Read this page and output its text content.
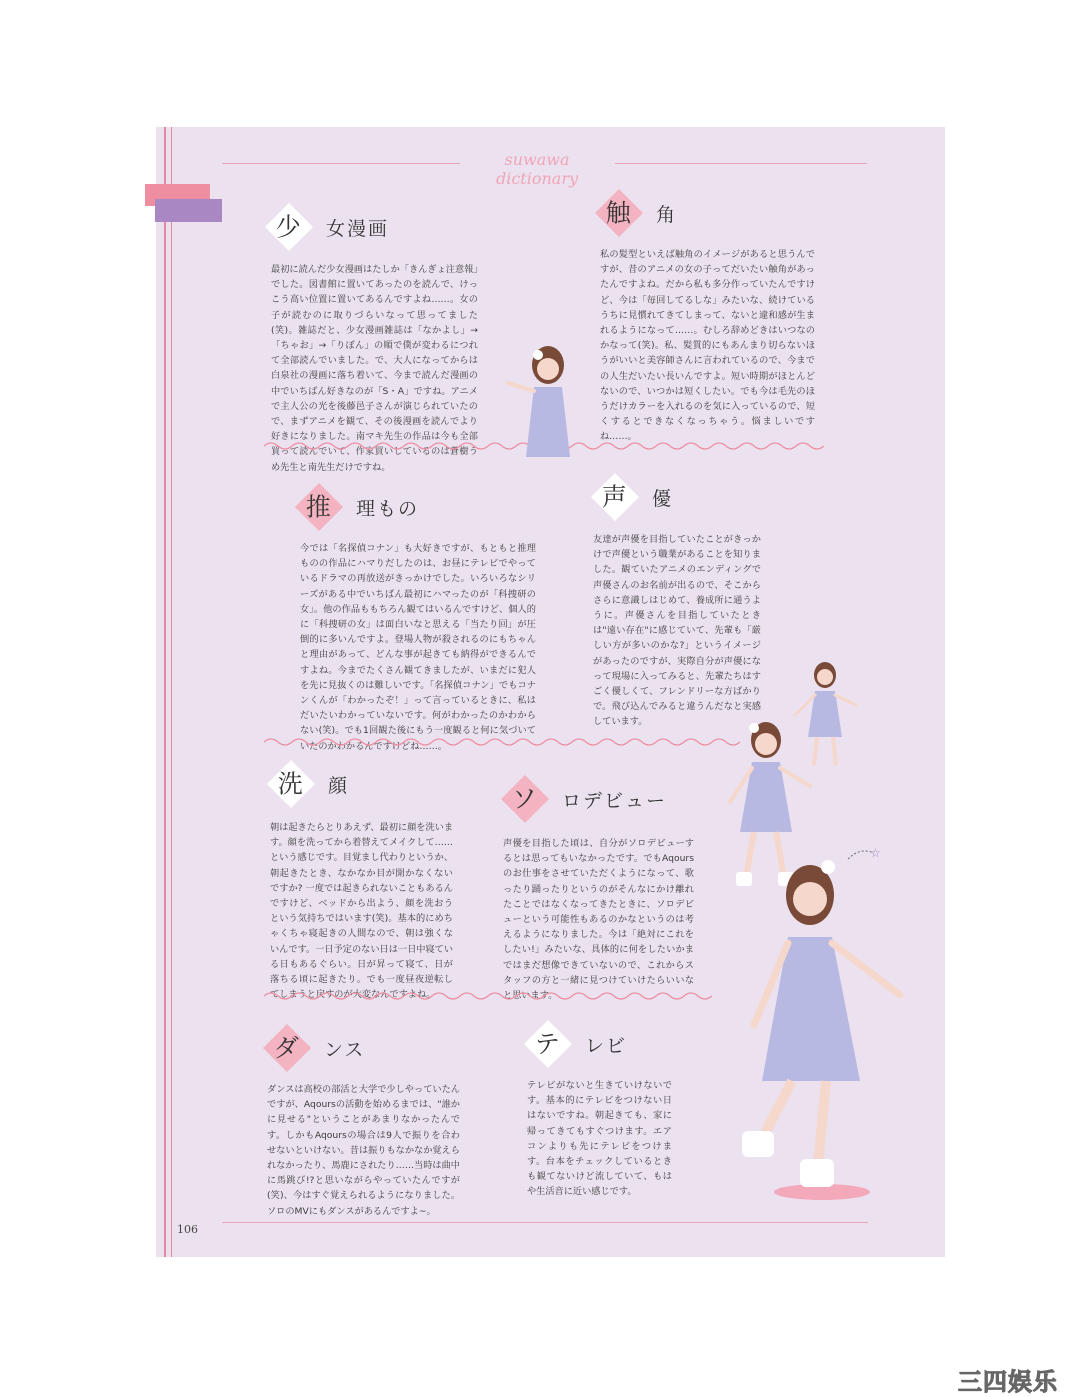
suwawa dictionary
少 女漫画
最初に読んだ少女漫画はたしか「きんぎょ注意報」でした。図書館に置いてあったのを読んで、けっこう高い位置に置いてあるんですよね……。女の子が読むのに取りづらいなって思ってました(笑)。雑誌だと、少女漫画雑誌は「なかよし」→「ちゃお」→「りぼん」の順で僕が変わるにつれて全部読んでいました。で、大人になってからは白泉社の漫画に落ち着いて、今まで読んだ漫画の中でいちばん好きなのが「S・A」ですね。アニメで主人公の光を後藤邑子さんが演じられていたので、まずアニメを観て、その後漫画を読んでより好きになりました。南マキ先生の作品は今も全部買って読んでいて、作家買いしているのは蒼樹うめ先生と南先生だけですね。
触 角
私の髪型といえば触角のイメージがあると思うんですが、昔のアニメの女の子ってだいたい触角があったんですよね。だから私も多分作っていたんですけど、今は「毎回してるしな」みたいな、続けているうちに見慣れてきてしまって、ないと違和感が生まれるようになって……。むしろ辞めどきはいつなのかなって(笑)。私、髪質的にもあんまり切らないほうがいいと美容師さんに言われているので、今までの人生だいたい長いんですよ。短い時期がほとんどないので、いつかは短くしたい。でも今は毛先のほうだけカラーを入れるのを気に入っているので、短くするとできなくなっちゃう。悩ましいですね……。
推 理もの
今では「名探偵コナン」も大好きですが、もともと推理ものの作品にハマりだしたのは、お昼にテレビでやっているドラマの再放送がきっかけでした。いろいろなシリーズがある中でいちばん最初にハマったのが「科捜研の女」。他の作品ももちろん観てはいるんですけど、個人的に「科捜研の女」は面白いなと思える「当たり回」が圧倒的に多いんですよ。登場人物が殺されるのにもちゃんと理由があって、どんな事が起きても納得ができるんですよね。今までたくさん観てきましたが、いまだに犯人を先に見抜くのは難しいです。「名探偵コナン」でもコナンくんが「わかったぞ！」って言っているときに、私はだいたいわかっていないです。何がわかったのかわからない(笑)。でも1回観た後にもう一度観ると何に気づいていたのかわかるんですけどね……。
声 優
友達が声優を目指していたことがきっかけで声優という職業があることを知りました。観ていたアニメのエンディングで声優さんのお名前が出るので、そこからさらに意識しはじめて、養成所に通うように。声優さんを目指していたときは"遠い存在"に感じていて、先輩も「厳しい方が多いのかな?」というイメージがあったのですが、実際自分が声優になって現場に入ってみると、先輩たちはすごく優しくて、フレンドリーな方ばかりで。飛び込んでみると違うんだなと実感しています。
洗 顔
朝は起きたらとりあえず、最初に顔を洗います。顔を洗ってから着替えてメイクして……という感じです。目覚まし代わりというか、朝起きたとき、なかなか目が開かなくないですか? 一度では起きられないこともあるんですけど、ベッドから出よう、顔を洗おうという気持ちではいます(笑)。基本的にめちゃくちゃ寝起きの人間なので、朝は強くないんです。一日予定のない日は一日中寝ている日もあるぐらい。日が昇って寝て、日が落ちる頃に起きたり。でも一度昼夜逆転してしまうと戻すのが大変なんですよね。
ソ ロデビュー
声優を目指した頃は、自分がソロデビューするとは思ってもいなかったです。でもAqoursのお仕事をさせていただくようになって、歌ったり踊ったりというのがそんなにかけ離れたことではなくなってきたときに、ソロデビューという可能性もあるのかなというのは考えるようになりました。今は「絶対にこれをしたい!」みたいな、具体的に何をしたいかまではまだ想像できていないので、これからスタッフの方と一緒に見つけていけたらいいなと思います。
ダ ンス
ダンスは高校の部活と大学で少しやっていたんですが、Aqoursの活動を始めるまでは、"誰かに見せる"ということがあまりなかったんです。しかもAqoursの場合は9人で振りを合わせないといけない。昔は振りもなかなか覚えられなかったり、馬鹿にされたり……当時は曲中に馬跳び!?と思いながらやっていたんですが(笑)、今はすぐ覚えられるようになりました。ソロのMVにもダンスがあるんですよ~。
テ レビ
テレビがないと生きていけないです。基本的にテレビをつけない日はないですね。朝起きても、家に帰ってきてもすぐつけます。エアコンよりも先にテレビをつけます。台本をチェックしているときも観てないけど流していて、もはや生活音に近い感じです。
☆
106
三四娱乐
